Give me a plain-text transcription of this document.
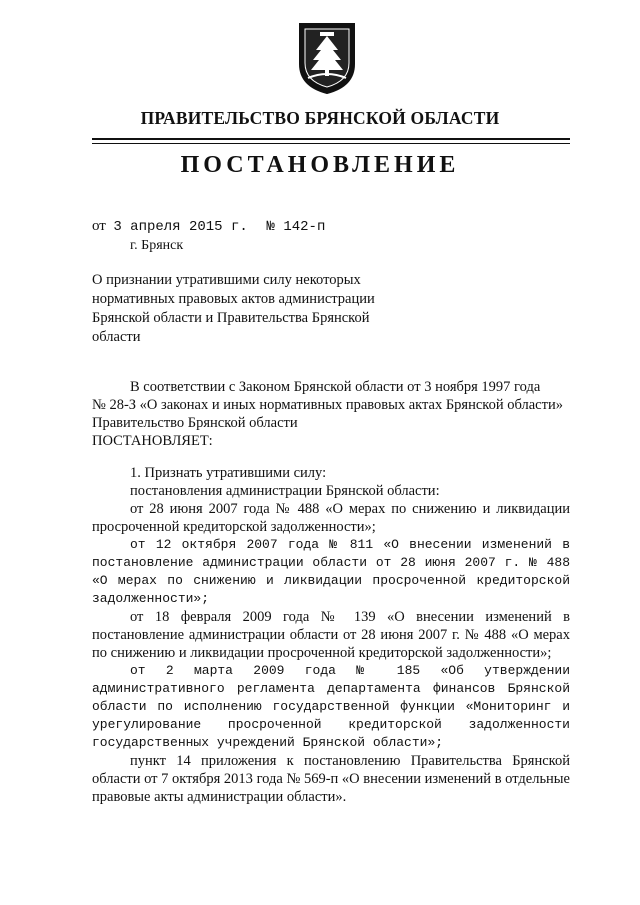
ПРАВИТЕЛЬСТВО БРЯНСКОЙ ОБЛАСТИ
ПОСТАНОВЛЕНИЕ
от 3 апреля 2015 г. № 142-п
г. Брянск
О признании утратившими силу некоторых
нормативных правовых актов администрации
Брянской области и Правительства Брянской
области

В соответствии с Законом Брянской области от 3 ноября 1997 года

№ 28-З «О законах и иных нормативных правовых актах Брянской области»

Правительство Брянской области

ПОСТАНОВЛЯЕТ:

1. Признать утратившими силу:

постановления администрации Брянской области:

от 28 июня 2007 года № 488 «О мерах по снижению и ликвидации просроченной кредиторской задолженности»;

от 12 октября 2007 года № 811 «О внесении изменений в постановление администрации области от 28 июня 2007 г. № 488 «О мерах по снижению и ликвидации просроченной кредиторской задолженности»;

от 18 февраля 2009 года № 139 «О внесении изменений в постановление администрации области от 28 июня 2007 г. № 488 «О мерах по снижению и ликвидации просроченной кредиторской задолженности»;

от 2 марта 2009 года № 185 «Об утверждении административного регламента департамента финансов Брянской области по исполнению государственной функции «Мониторинг и урегулирование просроченной кредиторской задолженности государственных учреждений Брянской области»;

пункт 14 приложения к постановлению Правительства Брянской области от 7 октября 2013 года № 569-п «О внесении изменений в отдельные правовые акты администрации области».
